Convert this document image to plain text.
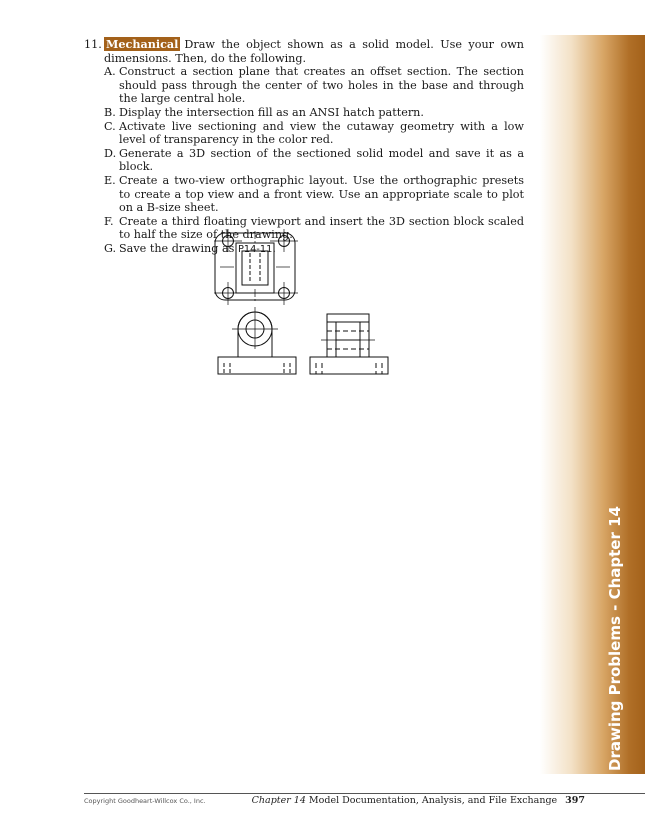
11. Mechanical Draw the object shown as a solid model. Use your own dimensions. Then, do the following.
A. Construct a section plane that creates an offset section. The section should pass through the center of two holes in the base and through the large central hole.
B. Display the intersection fill as an ANSI hatch pattern.
C. Activate live sectioning and view the cutaway geometry with a low level of transparency in the color red.
D. Generate a 3D section of the sectioned solid model and save it as a block.
E. Create a two-view orthographic layout. Use the orthographic presets to create a top view and a front view. Use an appropriate scale to plot on a B-size sheet.
F. Create a third floating viewport and insert the 3D section block scaled to half the size of the drawing.
G. Save the drawing as P14-11.
Drawing Problems - Chapter 14
Copyright Goodheart-Willcox Co., Inc.	Chapter 14 Model Documentation, Analysis, and File Exchange 397
